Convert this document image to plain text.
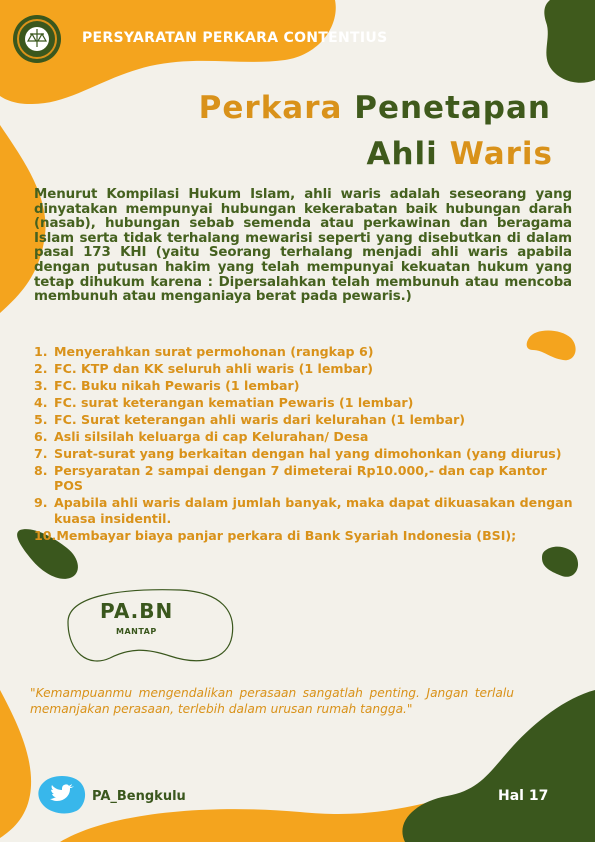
PERSYARATAN PERKARA CONTENTIUS
Perkara Penetapan
Ahli Waris
Menurut Kompilasi Hukum Islam, ahli waris adalah seseorang yang dinyatakan mempunyai hubungan kekerabatan baik hubungan darah (nasab), hubungan sebab semenda atau perkawinan dan beragama Islam serta tidak terhalang mewarisi seperti yang disebutkan di dalam pasal 173 KHI (yaitu Seorang terhalang menjadi ahli waris apabila dengan putusan hakim yang telah mempunyai kekuatan hukum yang tetap dihukum karena : Dipersalahkan telah membunuh atau mencoba membunuh atau menganiaya berat pada pewaris.)
1. Menyerahkan surat permohonan (rangkap 6)
2. FC. KTP dan KK seluruh ahli waris (1 lembar)
3. FC. Buku nikah Pewaris (1 lembar)
4. FC. surat keterangan kematian Pewaris (1 lembar)
5. FC. Surat keterangan ahli waris dari kelurahan (1 lembar)
6. Asli silsilah keluarga di cap Kelurahan/ Desa
7. Surat-surat yang berkaitan dengan hal yang dimohonkan (yang diurus)
8. Persyaratan 2 sampai dengan 7 dimeterai Rp10.000,- dan cap Kantor POS
9. Apabila ahli waris dalam jumlah banyak, maka dapat dikuasakan dengan kuasa insidentil.
10.Membayar biaya panjar perkara di Bank Syariah Indonesia (BSI);
PA.BN
MANTAP
"Kemampuanmu mengendalikan perasaan sangatlah penting. Jangan terlalu memanjakan perasaan, terlebih dalam urusan rumah tangga."
PA_Bengkulu	Hal 17
